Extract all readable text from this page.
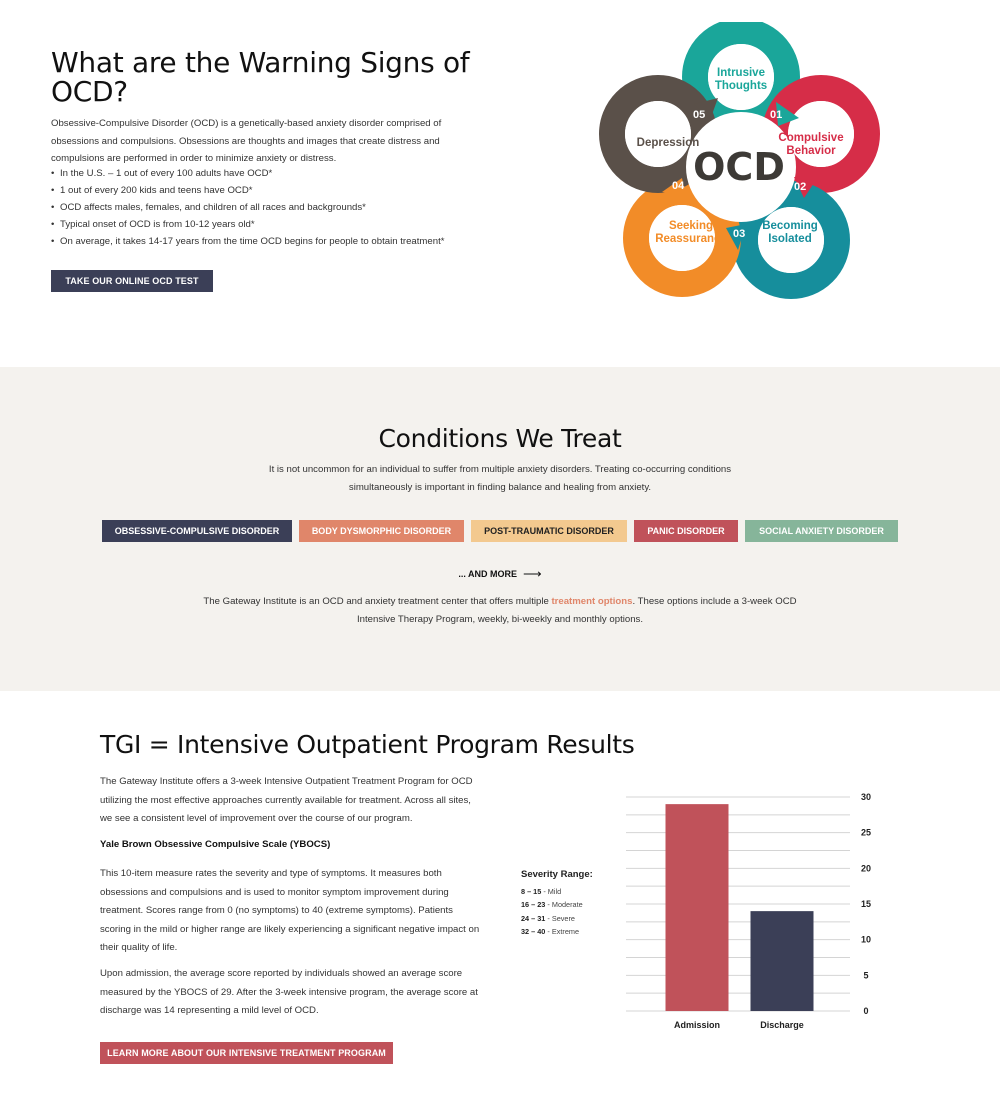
What are the Warning Signs of OCD?

Obsessive-Compulsive Disorder (OCD) is a genetically-based anxiety disorder comprised of obsessions and compulsions. Obsessions are thoughts and images that create distress and compulsions are performed in order to minimize anxiety or distress.

• In the U.S. – 1 out of every 100 adults have OCD*
• 1 out of every 200 kids and teens have OCD*
• OCD affects males, females, and children of all races and backgrounds*
• Typical onset of OCD is from 10-12 years old*
• On average, it takes 14-17 years from the time OCD begins for people to obtain treatment*
TAKE OUR ONLINE OCD TEST
01
02
03
04
05
Intrusive
Thoughts
Compulsive
Behavior
Becoming
Isolated
Seeking
Reassurance
Depression
OCD
Conditions We Treat

It is not uncommon for an individual to suffer from multiple anxiety disorders. Treating co-occurring conditions simultaneously is important in finding balance and healing from anxiety.

OBSESSIVE-COMPULSIVE DISORDER	BODY DYSMORPHIC DISORDER	POST-TRAUMATIC DISORDER	PANIC DISORDER	SOCIAL ANXIETY DISORDER
... AND MORE ⟶

The Gateway Institute is an OCD and anxiety treatment center that offers multiple treatment options. These options include a 3-week OCD Intensive Therapy Program, weekly, bi-weekly and monthly options.

TGI = Intensive Outpatient Program Results

The Gateway Institute offers a 3-week Intensive Outpatient Treatment Program for OCD utilizing the most effective approaches currently available for treatment. Across all sites, we see a consistent level of improvement over the course of our program.

Yale Brown Obsessive Compulsive Scale (YBOCS)

This 10-item measure rates the severity and type of symptoms. It measures both obsessions and compulsions and is used to monitor symptom improvement during treatment. Scores range from 0 (no symptoms) to 40 (extreme symptoms). Patients scoring in the mild or higher range are likely experiencing a significant negative impact on their quality of life.

Upon admission, the average score reported by individuals showed an average score measured by the YBOCS of 29. After the 3-week intensive program, the average score at discharge was 14 representing a mild level of OCD.

LEARN MORE ABOUT OUR INTENSIVE TREATMENT PROGRAM
Severity Range:
8 – 15 - Mild
16 – 23 - Moderate
24 – 31 - Severe
32 – 40 - Extreme
0
5
10
15
20
25
30
Admission	Discharge
